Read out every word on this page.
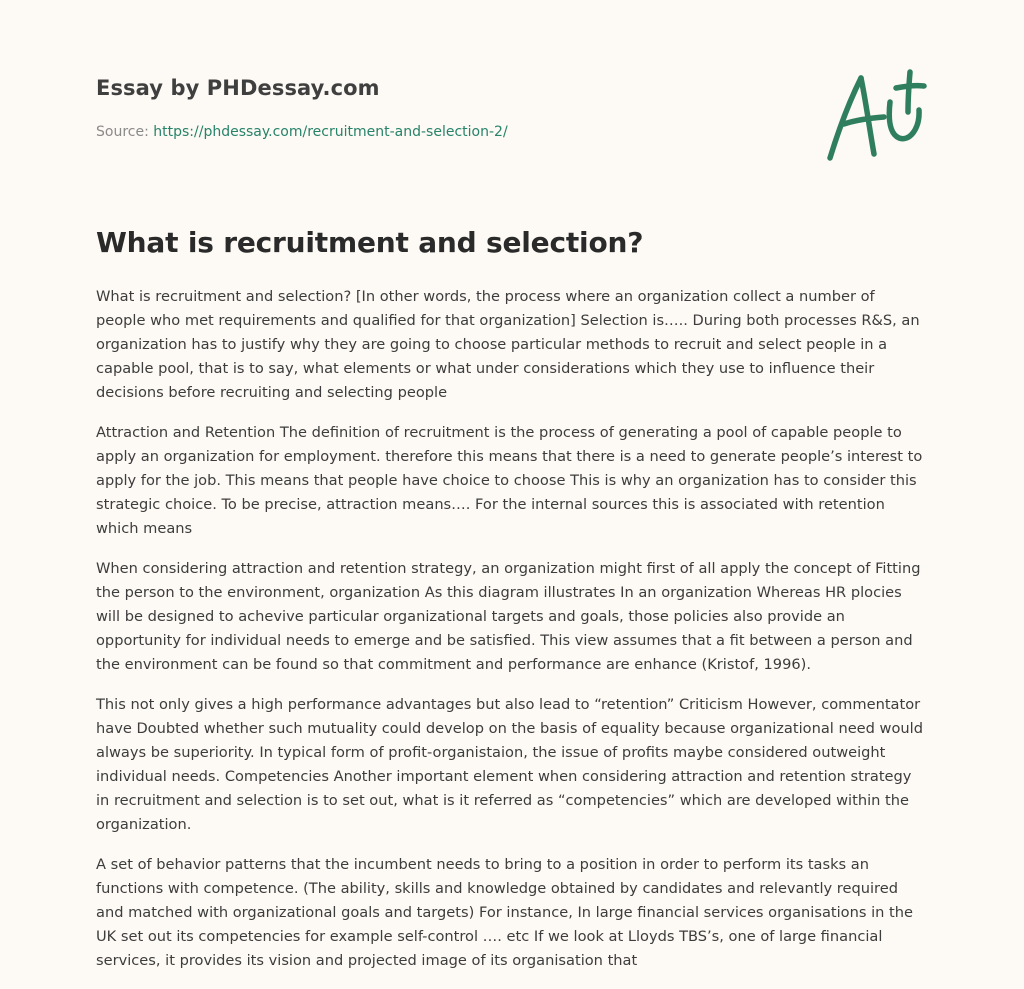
Essay by PHDessay.com
Source: https://phdessay.com/recruitment-and-selection-2/
What is recruitment and selection?

What is recruitment and selection? [In other words, the process where an organization collect a number of people who met requirements and qualified for that organization] Selection is….. During both processes R&S, an organization has to justify why they are going to choose particular methods to recruit and select people in a capable pool, that is to say, what elements or what under considerations which they use to influence their decisions before recruiting and selecting people

Attraction and Retention The definition of recruitment is the process of generating a pool of capable people to apply an organization for employment. therefore this means that there is a need to generate people’s interest to apply for the job. This means that people have choice to choose This is why an organization has to consider this strategic choice. To be precise, attraction means…. For the internal sources this is associated with retention which means

When considering attraction and retention strategy, an organization might first of all apply the concept of Fitting the person to the environment, organization As this diagram illustrates In an organization Whereas HR plocies will be designed to achevive particular organizational targets and goals, those policies also provide an opportunity for individual needs to emerge and be satisfied. This view assumes that a fit between a person and the environment can be found so that commitment and performance are enhance (Kristof, 1996).

This not only gives a high performance advantages but also lead to “retention” Criticism However, commentator have Doubted whether such mutuality could develop on the basis of equality because organizational need would always be superiority. In typical form of profit-organistaion, the issue of profits maybe considered outweight individual needs. Competencies Another important element when considering attraction and retention strategy in recruitment and selection is to set out, what is it referred as “competencies” which are developed within the organization.

A set of behavior patterns that the incumbent needs to bring to a position in order to perform its tasks an functions with competence. (The ability, skills and knowledge obtained by candidates and relevantly required and matched with organizational goals and targets) For instance, In large financial services organisations in the UK set out its competencies for example self-control …. etc If we look at Lloyds TBS’s, one of large financial services, it provides its vision and projected image of its organisation that
